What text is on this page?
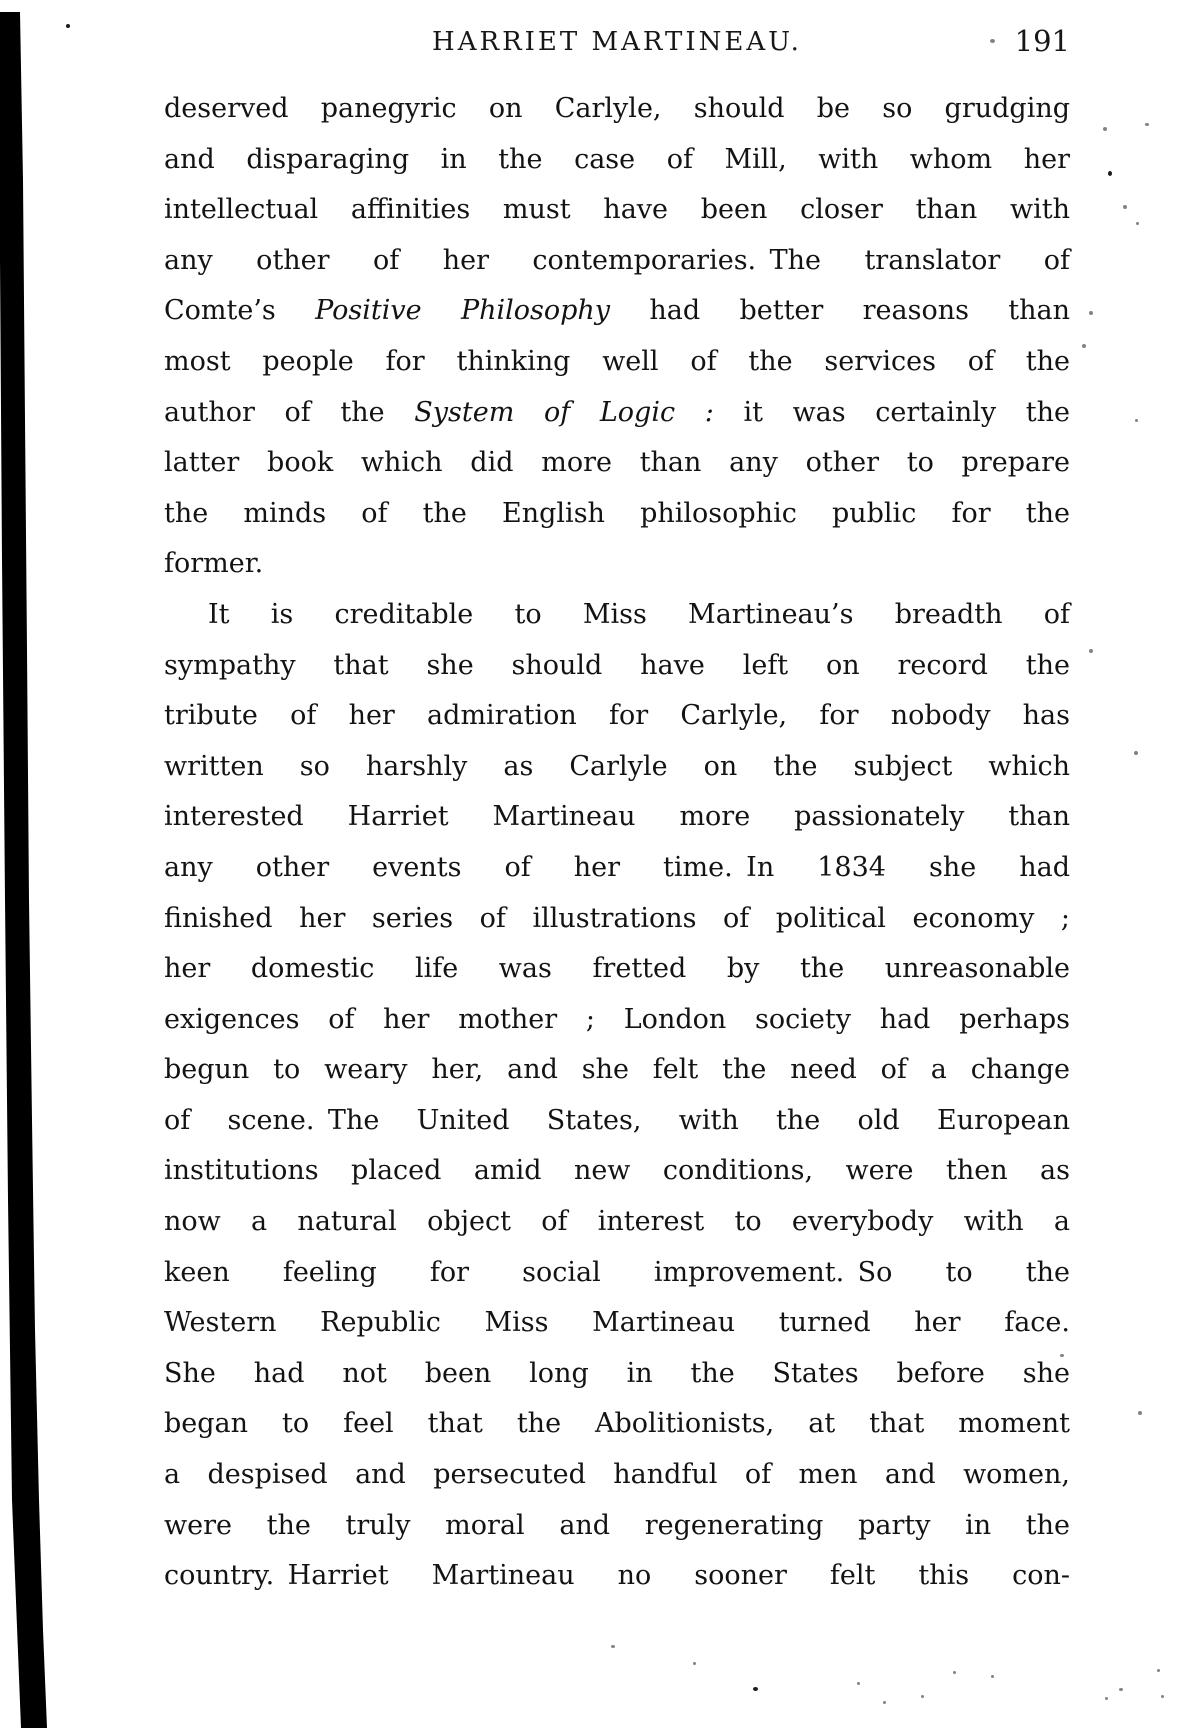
HARRIET MARTINEAU.	191
deserved panegyric on Carlyle, should be so grudging
and disparaging in the case of Mill, with whom her
intellectual affinities must have been closer than with
any other of her contemporaries. The translator of
Comte’s Positive Philosophy had better reasons than
most people for thinking well of the services of the
author of the System of Logic : it was certainly the
latter book which did more than any other to prepare
the minds of the English philosophic public for the
former.
It is creditable to Miss Martineau’s breadth of
sympathy that she should have left on record the
tribute of her admiration for Carlyle, for nobody has
written so harshly as Carlyle on the subject which
interested Harriet Martineau more passionately than
any other events of her time. In 1834 she had
finished her series of illustrations of political economy ;
her domestic life was fretted by the unreasonable
exigences of her mother ; London society had perhaps
begun to weary her, and she felt the need of a change
of scene. The United States, with the old European
institutions placed amid new conditions, were then as
now a natural object of interest to everybody with a
keen feeling for social improvement. So to the
Western Republic Miss Martineau turned her face.
She had not been long in the States before she
began to feel that the Abolitionists, at that moment
a despised and persecuted handful of men and women,
were the truly moral and regenerating party in the
country. Harriet Martineau no sooner felt this con-
